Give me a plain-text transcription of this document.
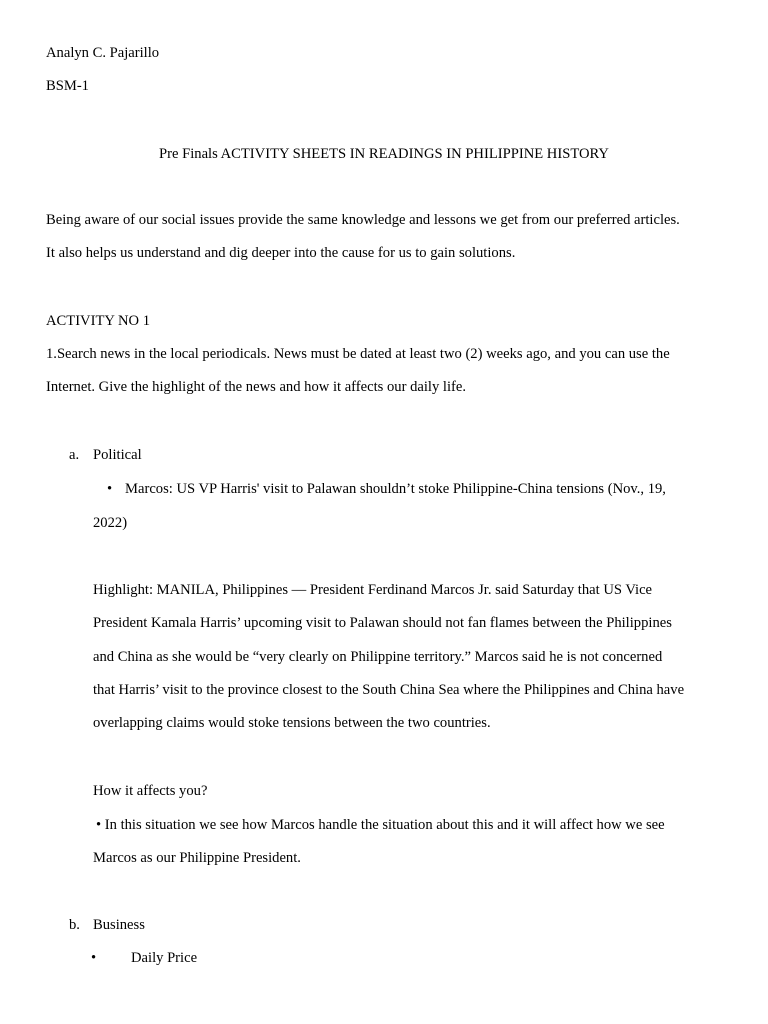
Analyn C. Pajarillo
BSM-1
Pre Finals ACTIVITY SHEETS IN READINGS IN PHILIPPINE HISTORY
Being aware of our social issues provide the same knowledge and lessons we get from our preferred articles.
It also helps us understand and dig deeper into the cause for us to gain solutions.
ACTIVITY NO 1
1.Search news in the local periodicals. News must be dated at least two (2) weeks ago, and you can use the
Internet. Give the highlight of the news and how it affects our daily life.
a. Political
• Marcos: US VP Harris' visit to Palawan shouldn’t stoke Philippine-China tensions (Nov., 19,
2022)
Highlight: MANILA, Philippines — President Ferdinand Marcos Jr. said Saturday that US Vice
President Kamala Harris’ upcoming visit to Palawan should not fan flames between the Philippines
and China as she would be “very clearly on Philippine territory.” Marcos said he is not concerned
that Harris’ visit to the province closest to the South China Sea where the Philippines and China have
overlapping claims would stoke tensions between the two countries.
How it affects you?
• In this situation we see how Marcos handle the situation about this and it will affect how we see
Marcos as our Philippine President.
b. Business
• Daily Price
